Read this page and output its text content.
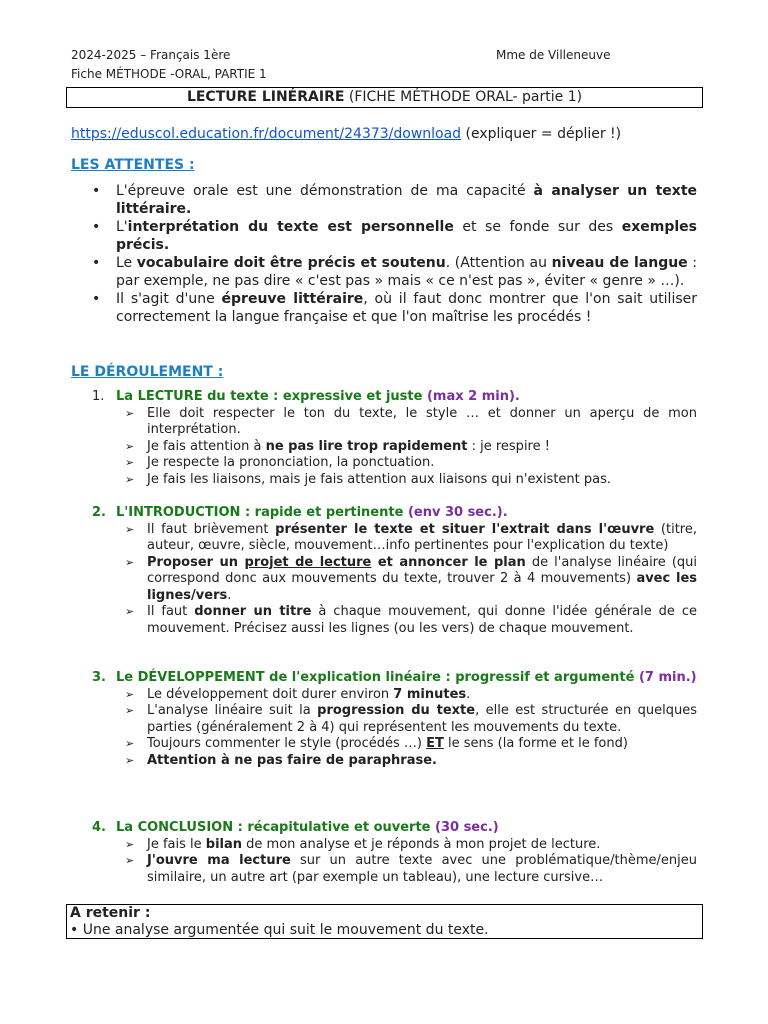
2024-2025 – Français 1ère
Fiche MÉTHODE -ORAL, PARTIE 1
Mme de Villeneuve
LECTURE LINÉRAIRE (FICHE MÉTHODE ORAL- partie 1)
https://eduscol.education.fr/document/24373/download (expliquer = déplier !)
LES ATTENTES :
• L'épreuve orale est une démonstration de ma capacité à analyser un texte littéraire.
• L'interprétation du texte est personnelle et se fonde sur des exemples précis.
• Le vocabulaire doit être précis et soutenu. (Attention au niveau de langue : par exemple, ne pas dire « c'est pas » mais « ce n'est pas », éviter « genre » …).
• Il s'agit d'une épreuve littéraire, où il faut donc montrer que l'on sait utiliser correctement la langue française et que l'on maîtrise les procédés !
LE DÉROULEMENT :
1. La LECTURE du texte : expressive et juste (max 2 min).
➢ Elle doit respecter le ton du texte, le style … et donner un aperçu de mon interprétation.
➢ Je fais attention à ne pas lire trop rapidement : je respire !
➢ Je respecte la prononciation, la ponctuation.
➢ Je fais les liaisons, mais je fais attention aux liaisons qui n'existent pas.
2. L'INTRODUCTION : rapide et pertinente (env 30 sec.).
➢ Il faut brièvement présenter le texte et situer l'extrait dans l'œuvre (titre, auteur, œuvre, siècle, mouvement…info pertinentes pour l'explication du texte)
➢ Proposer un projet de lecture et annoncer le plan de l'analyse linéaire (qui correspond donc aux mouvements du texte, trouver 2 à 4 mouvements) avec les lignes/vers.
➢ Il faut donner un titre à chaque mouvement, qui donne l'idée générale de ce mouvement. Précisez aussi les lignes (ou les vers) de chaque mouvement.
3. Le DÉVELOPPEMENT de l'explication linéaire : progressif et argumenté (7 min.)
➢ Le développement doit durer environ 7 minutes.
➢ L'analyse linéaire suit la progression du texte, elle est structurée en quelques parties (généralement 2 à 4) qui représentent les mouvements du texte.
➢ Toujours commenter le style (procédés …) ET le sens (la forme et le fond)
➢ Attention à ne pas faire de paraphrase.
4. La CONCLUSION : récapitulative et ouverte (30 sec.)
➢ Je fais le bilan de mon analyse et je réponds à mon projet de lecture.
➢ J'ouvre ma lecture sur un autre texte avec une problématique/thème/enjeu similaire, un autre art (par exemple un tableau), une lecture cursive…
A retenir :
• Une analyse argumentée qui suit le mouvement du texte.
